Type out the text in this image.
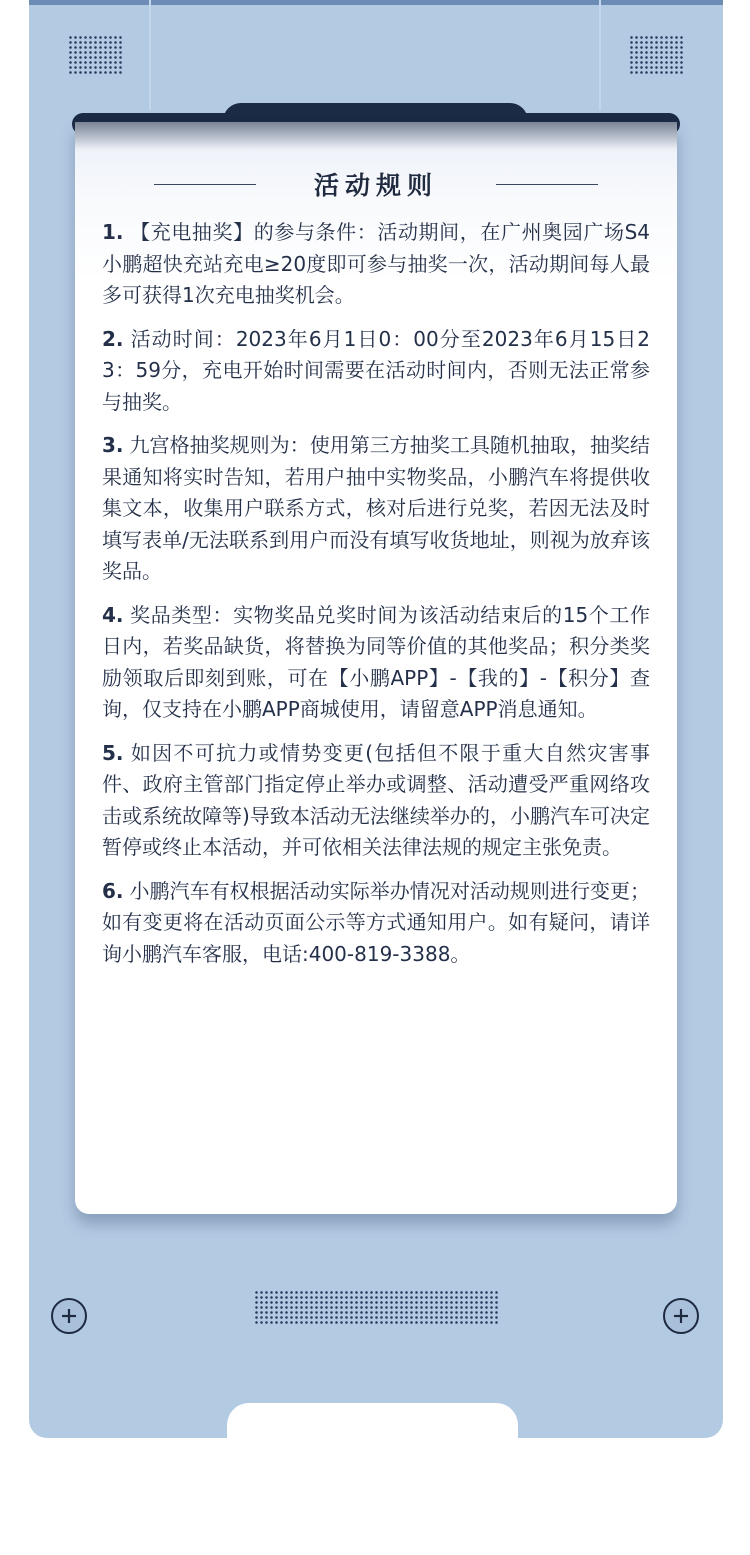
活动规则

1. 【充电抽奖】的参与条件：活动期间，在广州奥园广场S4小鹏超快充站充电≥20度即可参与抽奖一次，活动期间每人最多可获得1次充电抽奖机会。

2. 活动时间：2023年6月1日0：00分至2023年6月15日23：59分，充电开始时间需要在活动时间内，否则无法正常参与抽奖。

3. 九宫格抽奖规则为：使用第三方抽奖工具随机抽取，抽奖结果通知将实时告知，若用户抽中实物奖品，小鹏汽车将提供收集文本，收集用户联系方式，核对后进行兑奖，若因无法及时填写表单/无法联系到用户而没有填写收货地址，则视为放弃该奖品。

4. 奖品类型：实物奖品兑奖时间为该活动结束后的15个工作日内，若奖品缺货，将替换为同等价值的其他奖品；积分类奖励领取后即刻到账，可在【小鹏APP】-【我的】-【积分】查询，仅支持在小鹏APP商城使用，请留意APP消息通知。

5. 如因不可抗力或情势变更(包括但不限于重大自然灾害事件、政府主管部门指定停止举办或调整、活动遭受严重网络攻击或系统故障等)导致本活动无法继续举办的，小鹏汽车可决定暂停或终止本活动，并可依相关法律法规的规定主张免责。

6. 小鹏汽车有权根据活动实际举办情况对活动规则进行变更；如有变更将在活动页面公示等方式通知用户。如有疑问，请详询小鹏汽车客服，电话:400-819-3388。
